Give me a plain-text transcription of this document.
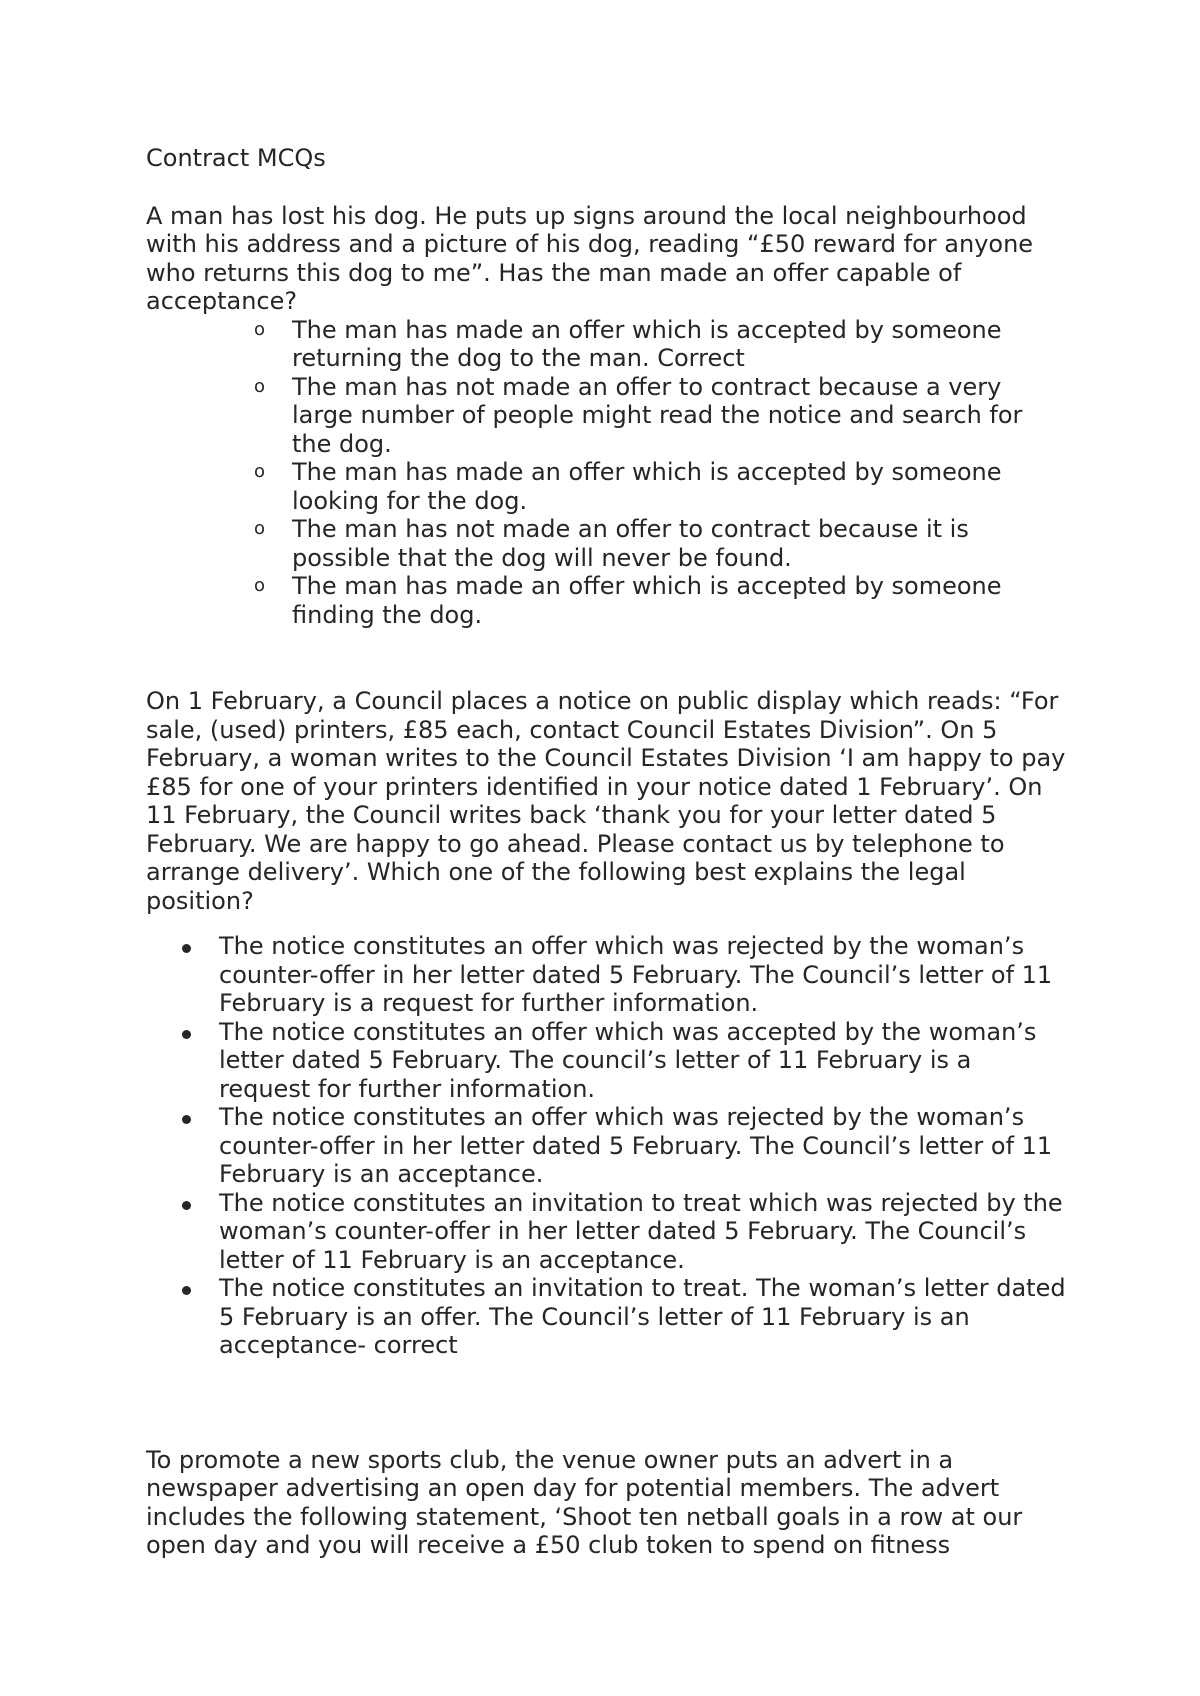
Contract MCQs

A man has lost his dog. He puts up signs around the local neighbourhood with his address and a picture of his dog, reading “£50 reward for anyone who returns this dog to me”. Has the man made an offer capable of acceptance?

o The man has made an offer which is accepted by someone returning the dog to the man. Correct
o The man has not made an offer to contract because a very large number of people might read the notice and search for the dog.
o The man has made an offer which is accepted by someone looking for the dog.
o The man has not made an offer to contract because it is possible that the dog will never be found.
o The man has made an offer which is accepted by someone finding the dog.

On 1 February, a Council places a notice on public display which reads: “For sale, (used) printers, £85 each, contact Council Estates Division”. On 5 February, a woman writes to the Council Estates Division ‘I am happy to pay £85 for one of your printers identified in your notice dated 1 February’. On 11 February, the Council writes back ‘thank you for your letter dated 5 February. We are happy to go ahead. Please contact us by telephone to arrange delivery’. Which one of the following best explains the legal position?

The notice constitutes an offer which was rejected by the woman’s counter-offer in her letter dated 5 February. The Council’s letter of 11 February is a request for further information.
The notice constitutes an offer which was accepted by the woman’s letter dated 5 February. The council’s letter of 11 February is a request for further information.
The notice constitutes an offer which was rejected by the woman’s counter-offer in her letter dated 5 February. The Council’s letter of 11 February is an acceptance.
The notice constitutes an invitation to treat which was rejected by the woman’s counter-offer in her letter dated 5 February. The Council’s letter of 11 February is an acceptance.
The notice constitutes an invitation to treat. The woman’s letter dated 5 February is an offer. The Council’s letter of 11 February is an acceptance- correct

To promote a new sports club, the venue owner puts an advert in a newspaper advertising an open day for potential members. The advert includes the following statement, ‘Shoot ten netball goals in a row at our open day and you will receive a £50 club token to spend on fitness
